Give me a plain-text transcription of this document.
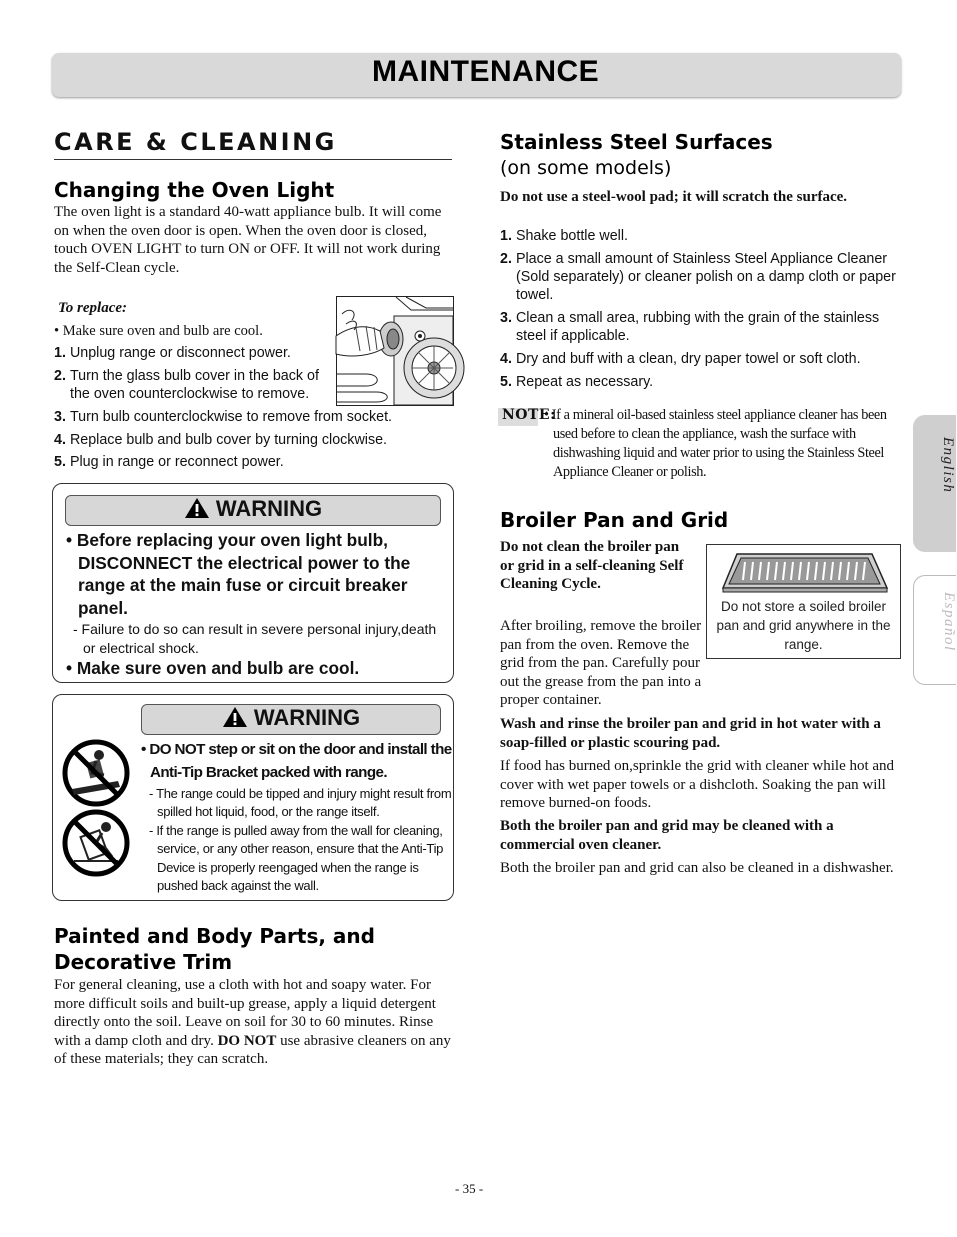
MAINTENANCE
CARE & CLEANING
Changing the Oven Light
The oven light is a standard 40-watt appliance bulb. It will come on when the oven door is open. When the oven door is closed, touch OVEN LIGHT to turn ON or OFF. It will not work during the Self-Clean cycle.
To replace:
• Make sure oven and bulb are cool.
1. Unplug range or disconnect power.
2. Turn the glass bulb cover in the back of the oven counterclockwise to remove.
3. Turn bulb counterclockwise to remove from socket.
4. Replace bulb and bulb cover by turning clockwise.
5. Plug in range or reconnect power.
WARNING
• Before replacing your oven light bulb, DISCONNECT the electrical power to the range at the main fuse or circuit breaker panel.
- Failure to do so can result in severe personal injury,death or electrical shock.
• Make sure oven and bulb are cool.
WARNING
• DO NOT step or sit on the door and install the Anti-Tip Bracket packed with range.
- The range could be tipped and injury might result from spilled hot liquid, food, or the range itself.
- If the range is pulled away from the wall for cleaning, service, or any other reason, ensure that the Anti-Tip Device is properly reengaged when the range is pushed back against the wall.
Painted and Body Parts, and Decorative Trim
For general cleaning, use a cloth with hot and soapy water. For more difficult soils and built-up grease, apply a liquid detergent directly onto the soil. Leave on soil for 30 to 60 minutes. Rinse with a damp cloth and dry. DO NOT use abrasive cleaners on any of these materials; they can scratch.
Stainless Steel Surfaces
(on some models)
Do not use a steel-wool pad; it will scratch the surface.
1. Shake bottle well.
2. Place a small amount of Stainless Steel Appliance Cleaner (Sold separately) or cleaner polish on a damp cloth or paper towel.
3. Clean a small area, rubbing with the grain of the stainless steel if applicable.
4. Dry and buff with a clean, dry paper towel or soft cloth.
5. Repeat as necessary.
NOTE:
• If a mineral oil-based stainless steel appliance cleaner has been used before to clean the appliance, wash the surface with dishwashing liquid and water prior to using the Stainless Steel Appliance Cleaner or polish.
Broiler Pan and Grid
Do not clean the broiler pan or grid in a self-cleaning Self Cleaning Cycle.
Do not store a soiled broiler pan and grid anywhere in the range.
After broiling, remove the broiler pan from the oven. Remove the grid from the pan. Carefully pour out the grease from the pan into a proper container.
Wash and rinse the broiler pan and grid in hot water with a soap-filled or plastic scouring pad.
If food has burned on,sprinkle the grid with cleaner while hot and cover with wet paper towels or a dishcloth. Soaking the pan will remove burned-on foods.
Both the broiler pan and grid may be cleaned with a commercial oven cleaner.
Both the broiler pan and grid can also be cleaned in a dishwasher.
English
Español
- 35 -
